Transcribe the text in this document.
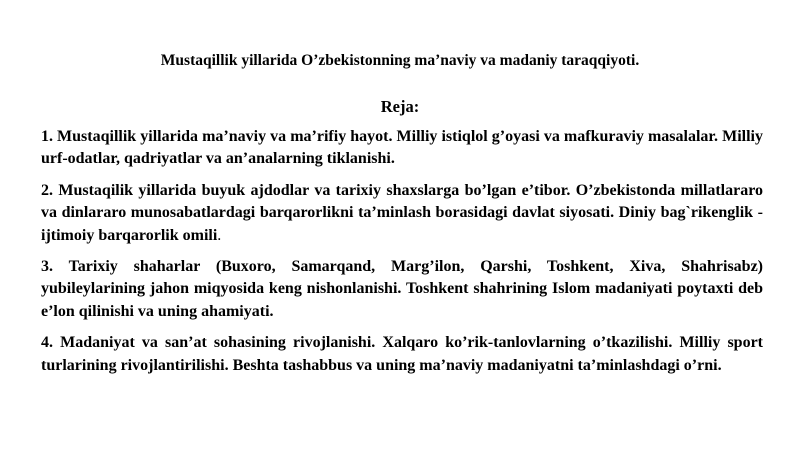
Mustaqillik yillarida O’zbekistonning ma’naviy va madaniy taraqqiyoti.
Reja:

1. Mustaqillik yillarida ma’naviy va ma’rifiy hayot. Milliy istiqlol g’oyasi va mafkuraviy masalalar. Milliy urf-odatlar, qadriyatlar va an’analarning tiklanishi.

2. Mustaqilik yillarida buyuk ajdodlar va tarixiy shaxslarga bo’lgan e’tibor. O’zbekistonda millatlararo va dinlararo munosabatlardagi barqarorlikni ta’minlash borasidagi davlat siyosati. Diniy bag`rikenglik - ijtimoiy barqarorlik omili.

3. Tarixiy shaharlar (Buxoro, Samarqand, Marg’ilon, Qarshi, Toshkent, Xiva, Shahrisabz) yubileylarining jahon miqyosida keng nishonlanishi. Toshkent shahrining Islom madaniyati poytaxti deb e’lon qilinishi va uning ahamiyati.

4. Madaniyat va san’at sohasining rivojlanishi. Xalqaro ko’rik-tanlovlarning o’tkazilishi. Milliy sport turlarining rivojlantirilishi. Beshta tashabbus va uning ma’naviy madaniyatni ta’minlashdagi o’rni.
